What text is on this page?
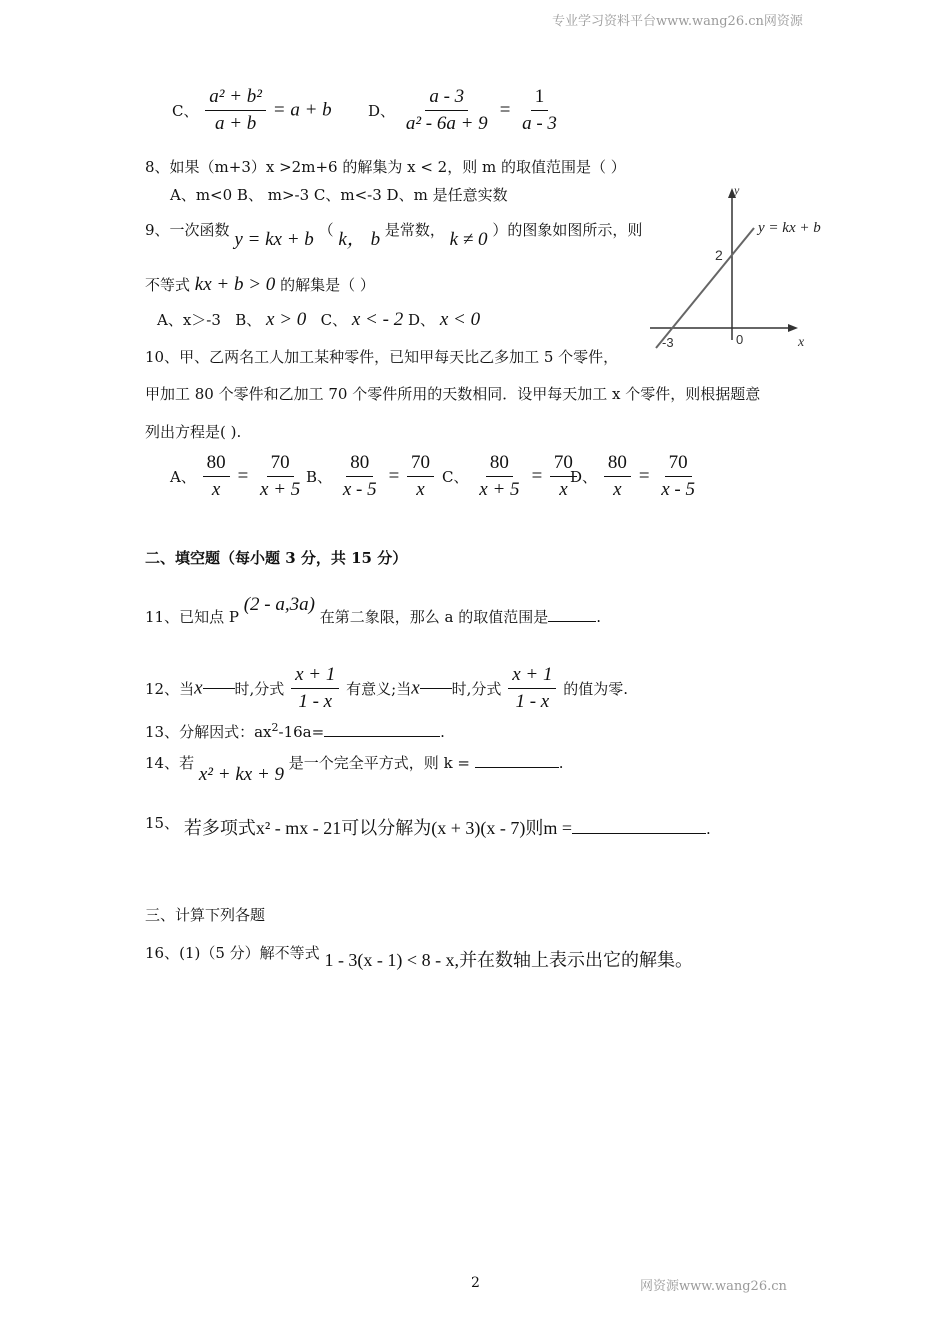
专业学习资料平台www.wang26.cn网资源
C、 $\frac{\text{a² + b²}}{a + b} = a + b$ D、 $\frac{a - 3}{\text{a² - 6a + 9}} = \frac{1}{a - 3}$
8、如果（m+3）x >2m+6 的解集为 x < 2，则 m 的取值范围是（ ）
A、m<0 B、 m>-3 C、m<-3 D、m 是任意实数
9、一次函数 y = kx + b （ k， b 是常数， k ≠ 0 ）的图象如图所示，则
不等式 kx + b > 0 的解集是（ ）
A、x＞-3 B、 x > 0 C、 x < - 2 D、 x < 0
y
x
2
-3	0
y = kx + b
10、甲、乙两名工人加工某种零件，已知甲每天比乙多加工 5 个零件，
甲加工 80 个零件和乙加工 70 个零件所用的天数相同．设甲每天加工 x 个零件，则根据题意
列出方程是( ).
A、 $\frac{80}{x} = \frac{70}{x + 5}$ B、 $\frac{80}{x - 5} = \frac{70}{x}$ C、 $\frac{80}{x + 5} = \frac{70}{x}$
D、 $\frac{80}{x} = \frac{70}{x - 5}$
二、填空题（每小题 3 分，共 15 分）
11、已知点 P (2 - a,3a) 在第二象限，那么 a 的取值范围是	.
12、当x 时,分式 $\frac{x + 1}{1 - x}$ 有意义;当x 时,分式 $\frac{x + 1}{1 - x}$ 的值为零.
13、分解因式：$ax^2-16a=$	.
14、若 x² + kx + 9 是一个完全平方式，则 k =	.
15、 若多项式x² - mx - 21可以分解为(x + 3)(x - 7)则m =	.
三、计算下列各题
16、(1)（5 分）解不等式 1 - 3(x - 1) < 8 - x,并在数轴上表示出它的解集。
2	网资源www.wang26.cn
